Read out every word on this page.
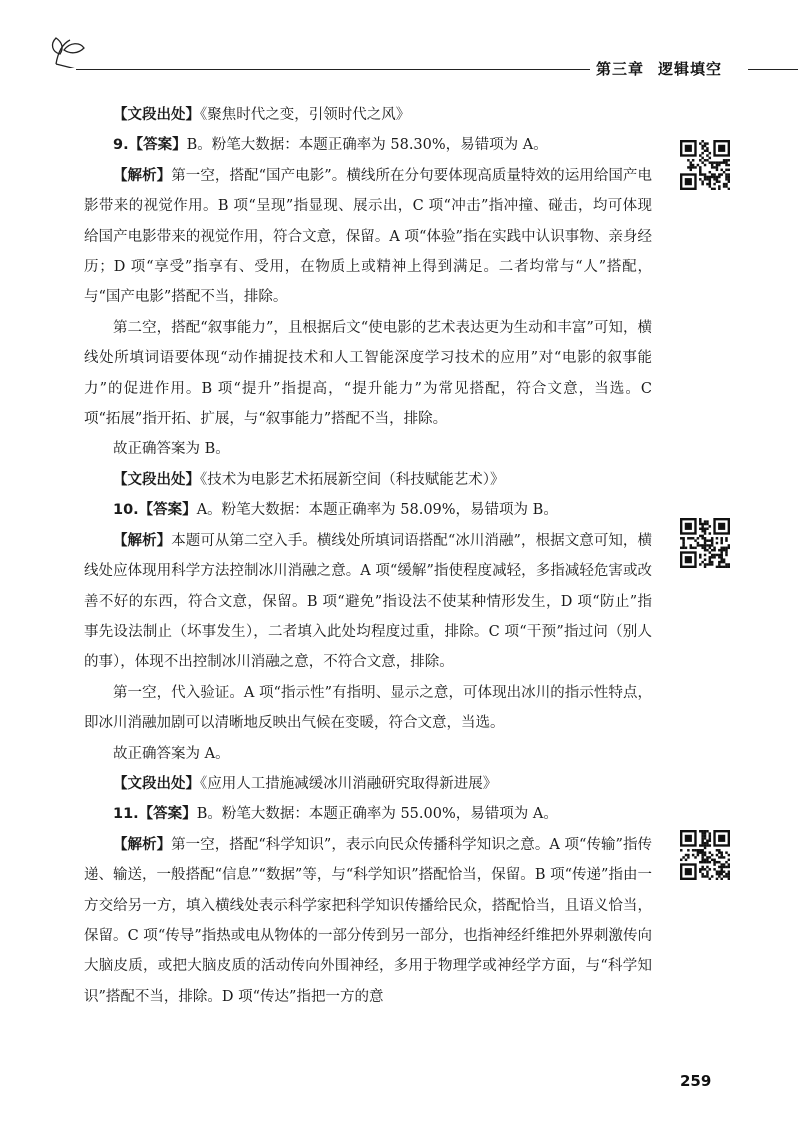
第三章 逻辑填空

【文段出处】《聚焦时代之变，引领时代之风》

9.【答案】B。粉笔大数据：本题正确率为 58.30%，易错项为 A。

【解析】第一空，搭配“国产电影”。横线所在分句要体现高质量特效的运用给国产电影带来的视觉作用。B 项“呈现”指显现、展示出，C 项“冲击”指冲撞、碰击，均可体现给国产电影带来的视觉作用，符合文意，保留。A 项“体验”指在实践中认识事物、亲身经历；D 项“享受”指享有、受用，在物质上或精神上得到满足。二者均常与“人”搭配，与“国产电影”搭配不当，排除。

第二空，搭配“叙事能力”，且根据后文“使电影的艺术表达更为生动和丰富”可知，横线处所填词语要体现“动作捕捉技术和人工智能深度学习技术的应用”对“电影的叙事能力”的促进作用。B 项“提升”指提高，“提升能力”为常见搭配，符合文意，当选。C 项“拓展”指开拓、扩展，与“叙事能力”搭配不当，排除。

故正确答案为 B。

【文段出处】《技术为电影艺术拓展新空间（科技赋能艺术）》

10.【答案】A。粉笔大数据：本题正确率为 58.09%，易错项为 B。

【解析】本题可从第二空入手。横线处所填词语搭配“冰川消融”，根据文意可知，横线处应体现用科学方法控制冰川消融之意。A 项“缓解”指使程度减轻，多指减轻危害或改善不好的东西，符合文意，保留。B 项“避免”指设法不使某种情形发生，D 项“防止”指事先设法制止（坏事发生），二者填入此处均程度过重，排除。C 项“干预”指过问（别人的事），体现不出控制冰川消融之意，不符合文意，排除。

第一空，代入验证。A 项“指示性”有指明、显示之意，可体现出冰川的指示性特点，即冰川消融加剧可以清晰地反映出气候在变暖，符合文意，当选。

故正确答案为 A。

【文段出处】《应用人工措施减缓冰川消融研究取得新进展》

11.【答案】B。粉笔大数据：本题正确率为 55.00%，易错项为 A。

【解析】第一空，搭配“科学知识”，表示向民众传播科学知识之意。A 项“传输”指传递、输送，一般搭配“信息”“数据”等，与“科学知识”搭配恰当，保留。B 项“传递”指由一方交给另一方，填入横线处表示科学家把科学知识传播给民众，搭配恰当，且语义恰当，保留。C 项“传导”指热或电从物体的一部分传到另一部分，也指神经纤维把外界刺激传向大脑皮质，或把大脑皮质的活动传向外围神经，多用于物理学或神经学方面，与“科学知识”搭配不当，排除。D 项“传达”指把一方的意

259
